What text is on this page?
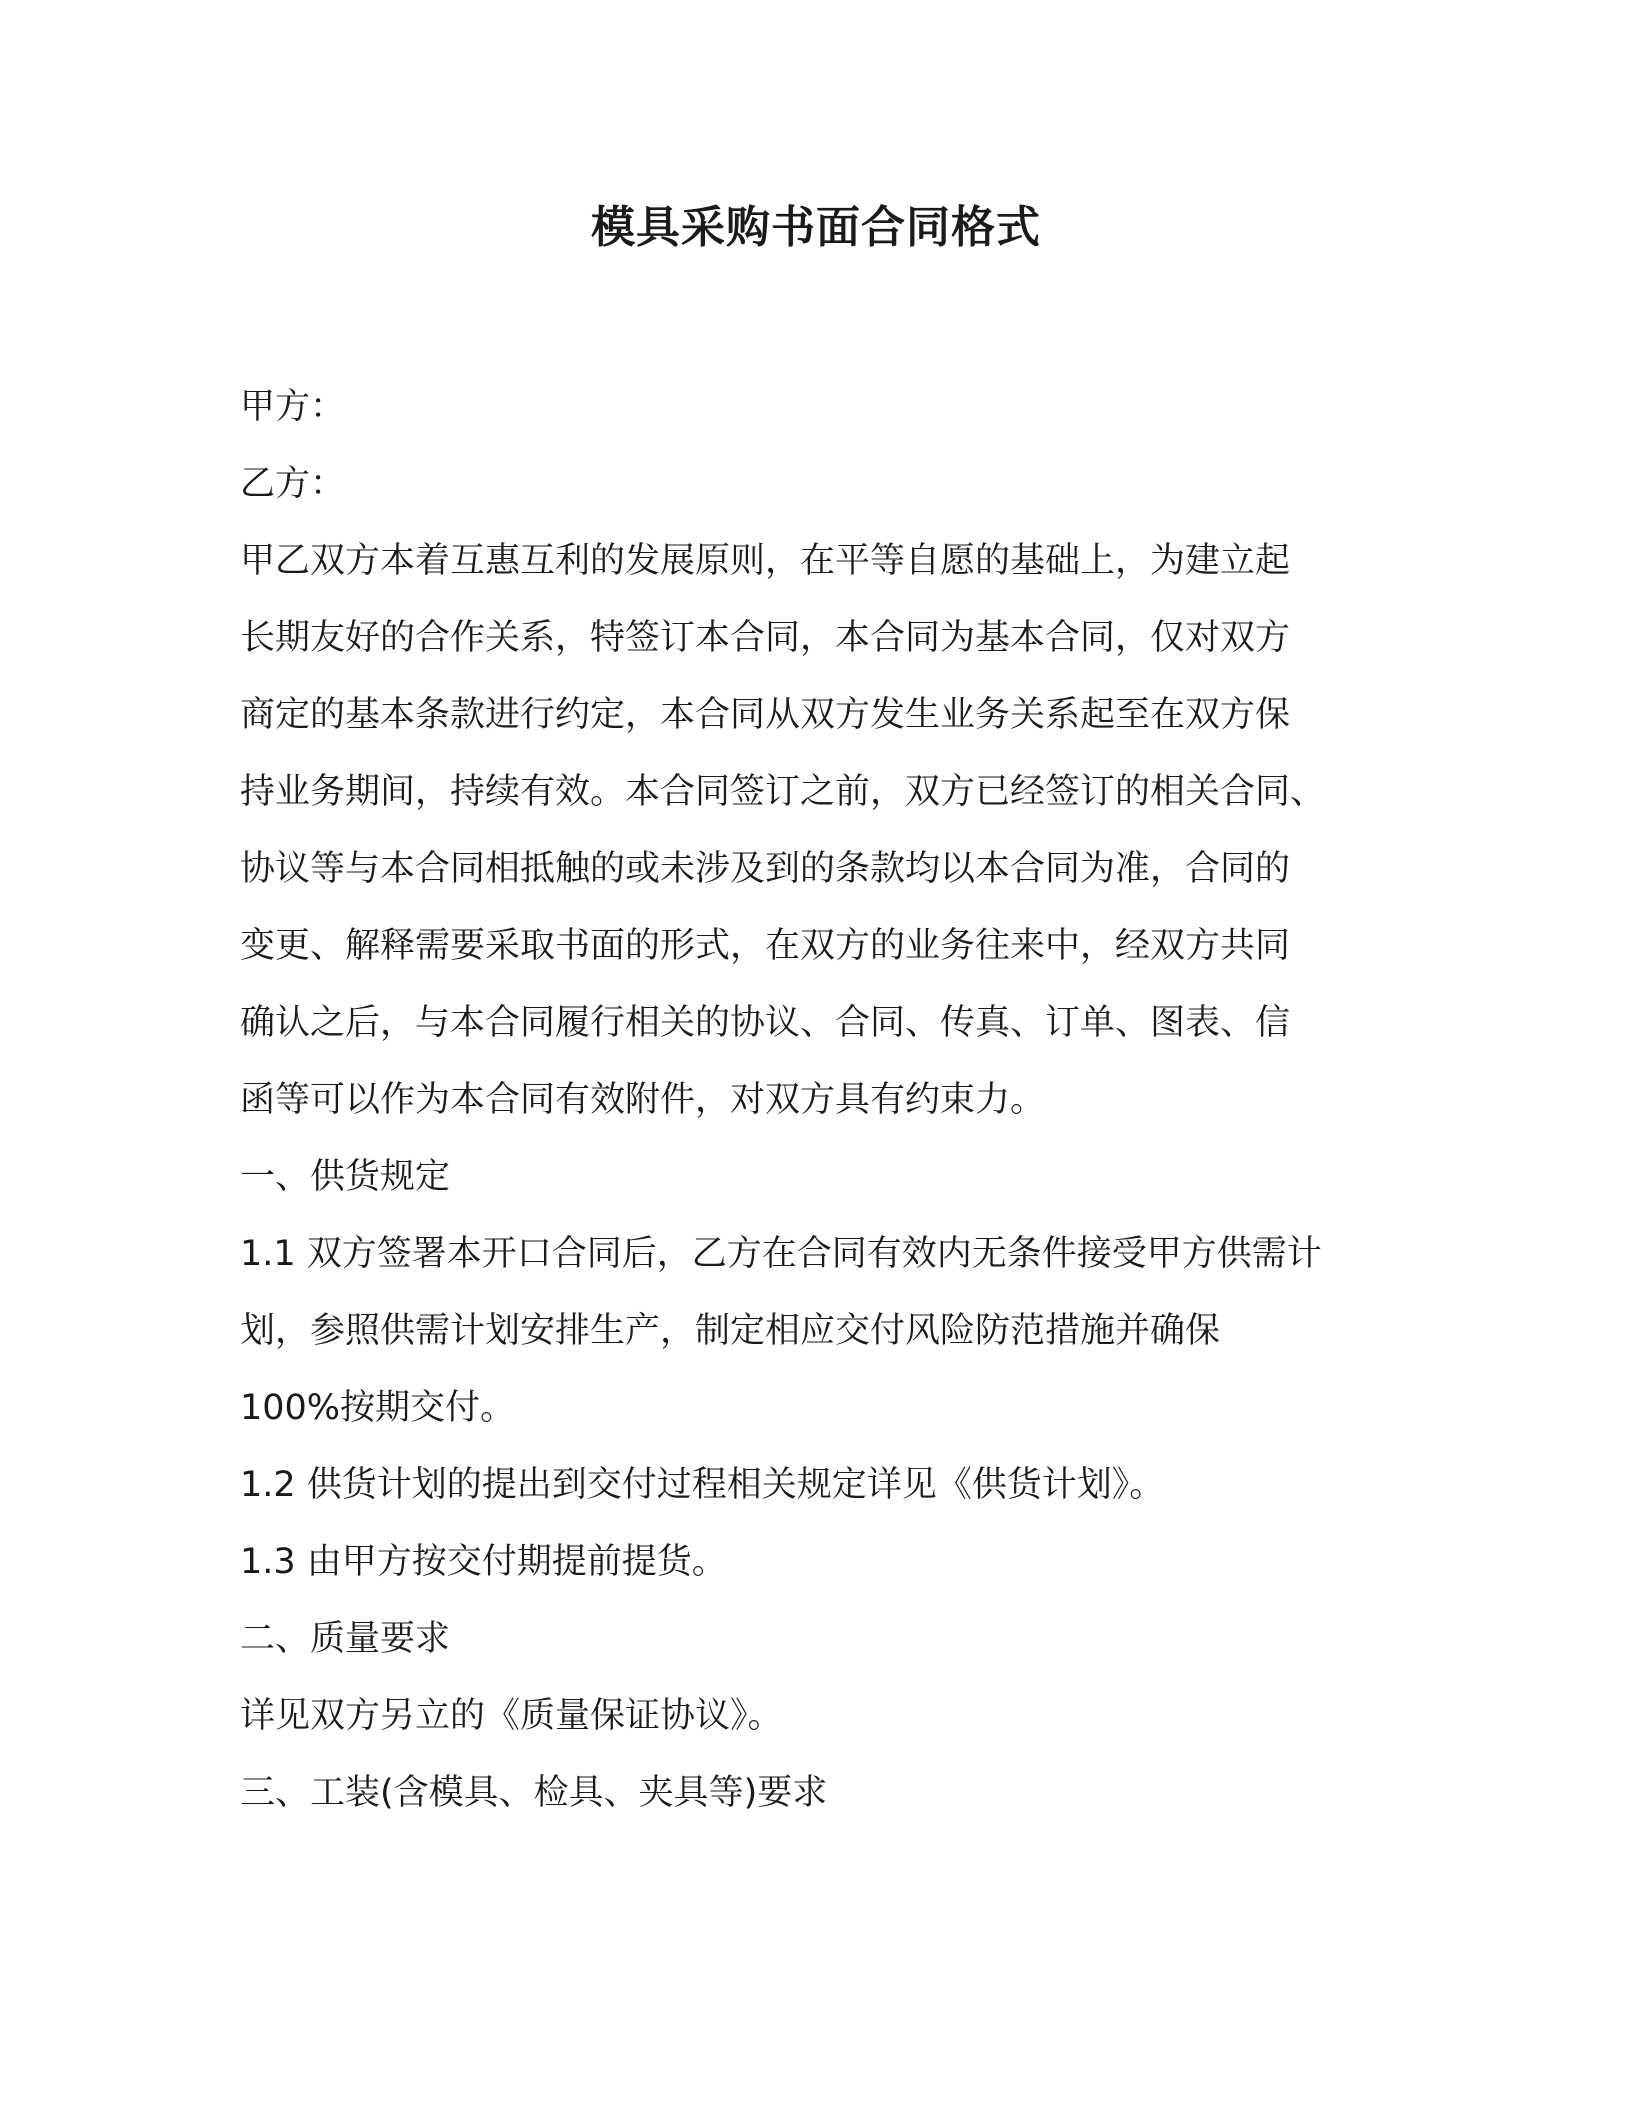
模具采购书面合同格式
甲方：
乙方：
甲乙双方本着互惠互利的发展原则，在平等自愿的基础上，为建立起
长期友好的合作关系，特签订本合同，本合同为基本合同，仅对双方
商定的基本条款进行约定，本合同从双方发生业务关系起至在双方保
持业务期间，持续有效。本合同签订之前，双方已经签订的相关合同、
协议等与本合同相抵触的或未涉及到的条款均以本合同为准，合同的
变更、解释需要采取书面的形式，在双方的业务往来中，经双方共同
确认之后，与本合同履行相关的协议、合同、传真、订单、图表、信
函等可以作为本合同有效附件，对双方具有约束力。
一、供货规定
1.1 双方签署本开口合同后，乙方在合同有效内无条件接受甲方供需计
划，参照供需计划安排生产，制定相应交付风险防范措施并确保
100%按期交付。
1.2 供货计划的提出到交付过程相关规定详见《供货计划》。
1.3 由甲方按交付期提前提货。
二、质量要求
详见双方另立的《质量保证协议》。
三、工装(含模具、检具、夹具等)要求
